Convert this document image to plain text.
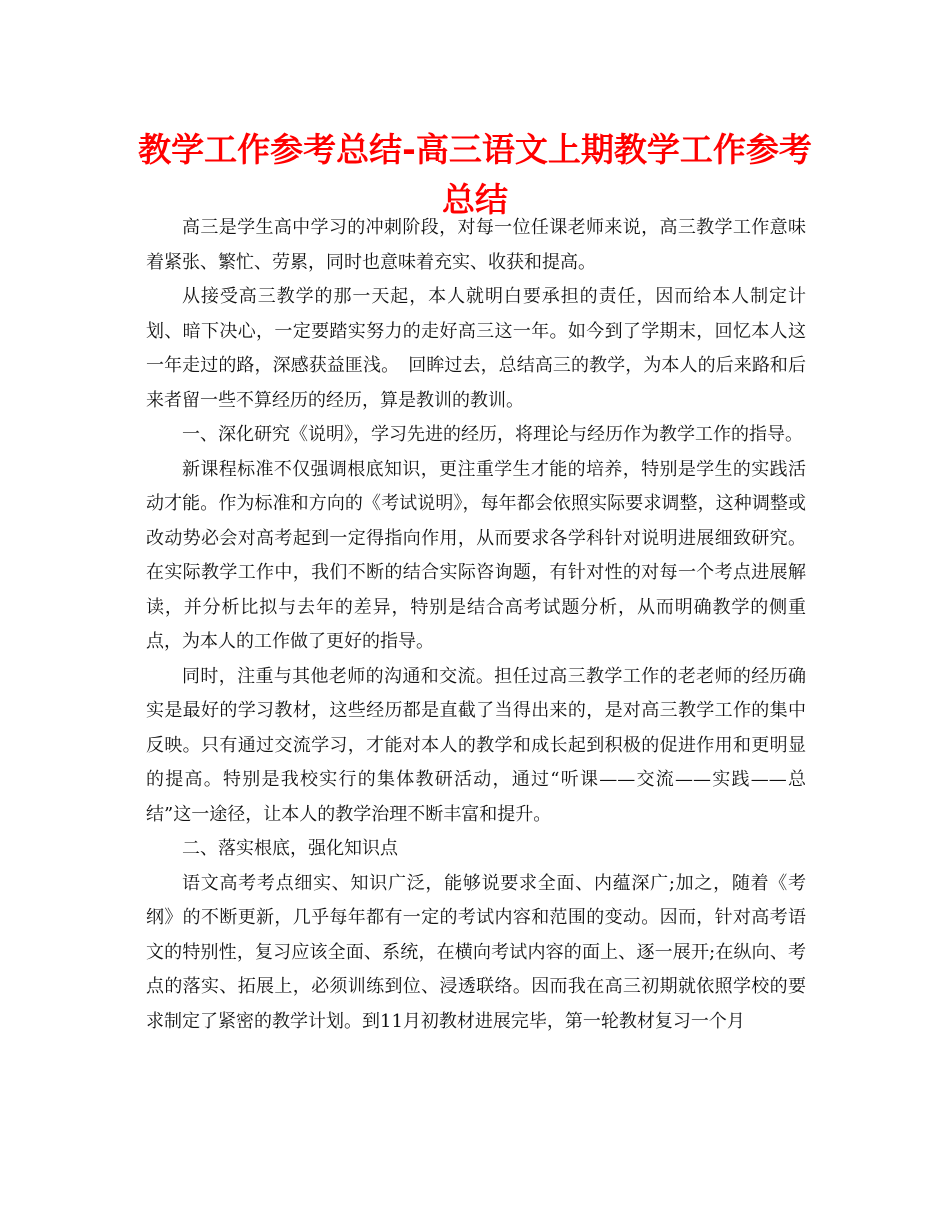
教学工作参考总结-高三语文上期教学工作参考总结

高三是学生高中学习的冲刺阶段，对每一位任课老师来说，高三教学工作意味着紧张、繁忙、劳累，同时也意味着充实、收获和提高。

从接受高三教学的那一天起，本人就明白要承担的责任，因而给本人制定计划、暗下决心，一定要踏实努力的走好高三这一年。如今到了学期末，回忆本人这一年走过的路，深感获益匪浅。　回眸过去，总结高三的教学，为本人的后来路和后来者留一些不算经历的经历，算是教训的教训。

一、深化研究《说明》，学习先进的经历，将理论与经历作为教学工作的指导。

新课程标准不仅强调根底知识，更注重学生才能的培养，特别是学生的实践活动才能。作为标准和方向的《考试说明》，每年都会依照实际要求调整，这种调整或改动势必会对高考起到一定得指向作用，从而要求各学科针对说明进展细致研究。在实际教学工作中，我们不断的结合实际咨询题，有针对性的对每一个考点进展解读，并分析比拟与去年的差异，特别是结合高考试题分析，从而明确教学的侧重点，为本人的工作做了更好的指导。

同时，注重与其他老师的沟通和交流。担任过高三教学工作的老老师的经历确实是最好的学习教材，这些经历都是直截了当得出来的，是对高三教学工作的集中反映。只有通过交流学习，才能对本人的教学和成长起到积极的促进作用和更明显的提高。特别是我校实行的集体教研活动，通过“听课——交流——实践——总结”这一途径，让本人的教学治理不断丰富和提升。

二、落实根底，强化知识点

语文高考考点细实、知识广泛，能够说要求全面、内蕴深广;加之，随着《考纲》的不断更新，几乎每年都有一定的考试内容和范围的变动。因而，针对高考语文的特别性，复习应该全面、系统，在横向考试内容的面上、逐一展开;在纵向、考点的落实、拓展上，必须训练到位、浸透联络。因而我在高三初期就依照学校的要求制定了紧密的教学计划。到11月初教材进展完毕，第一轮教材复习一个月
